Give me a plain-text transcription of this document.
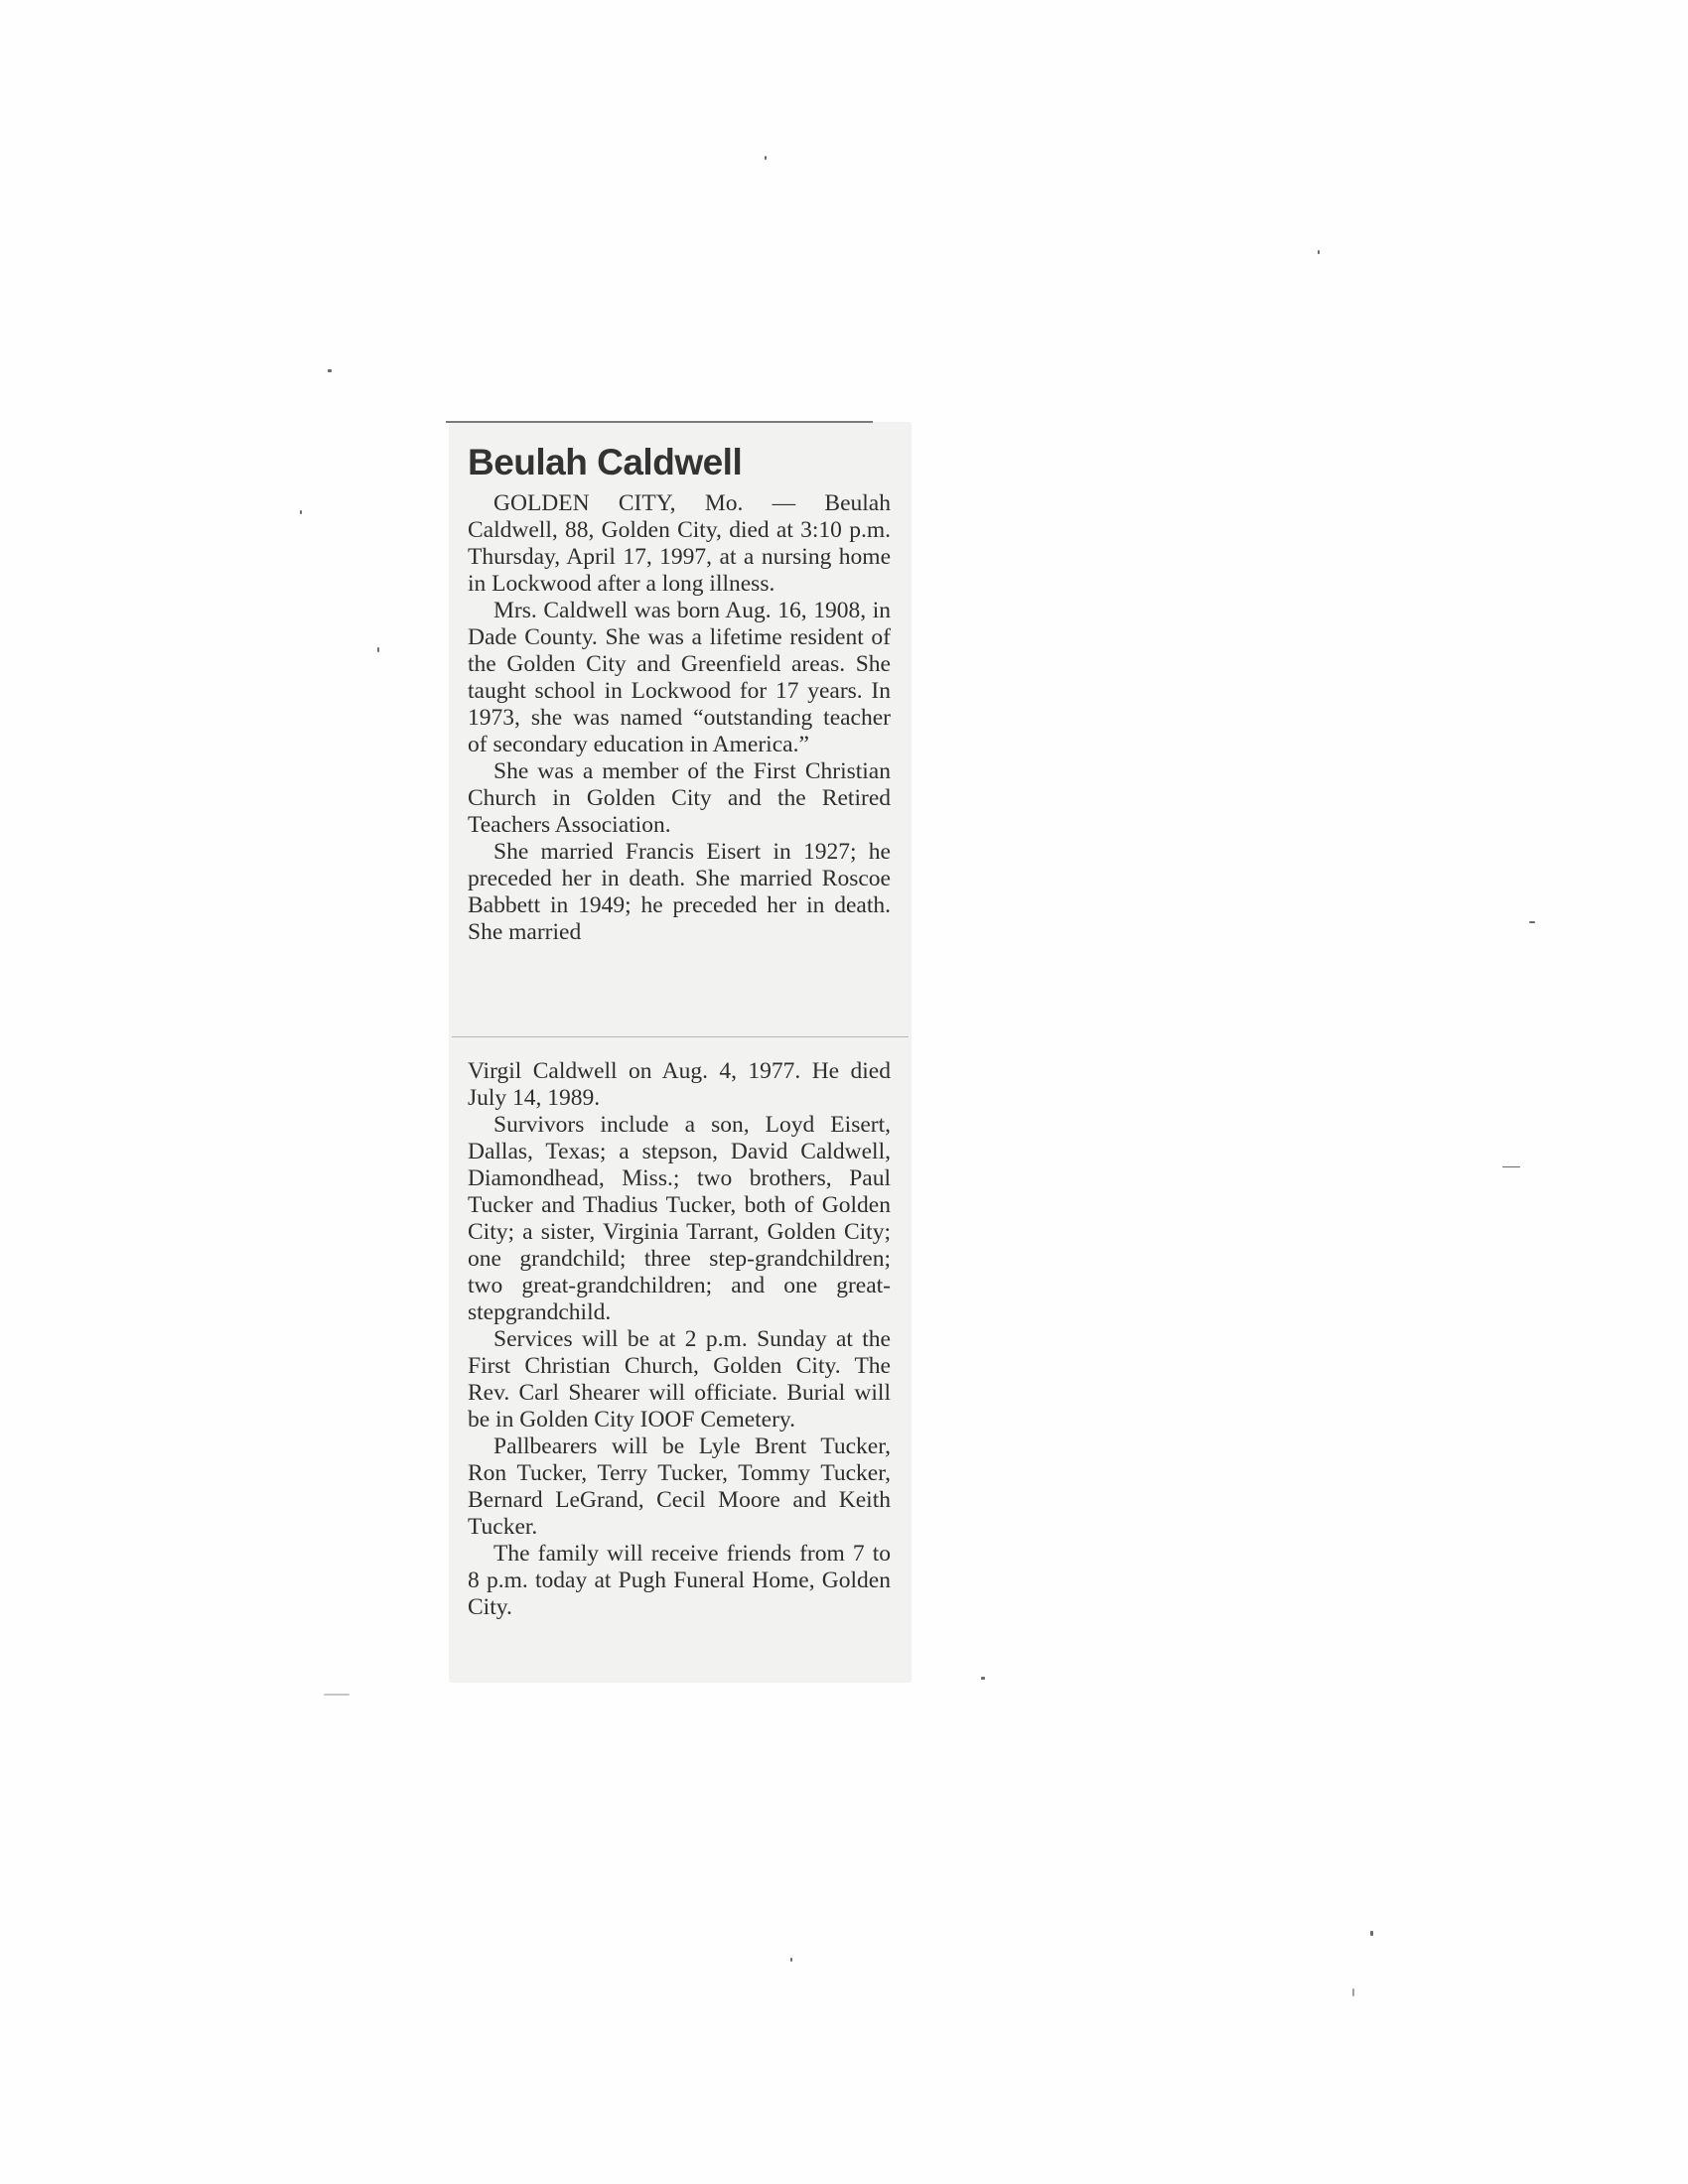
Beulah Caldwell

GOLDEN CITY, Mo. — Beulah Caldwell, 88, Golden City, died at 3:10 p.m. Thursday, April 17, 1997, at a nursing home in Lockwood after a long illness.

Mrs. Caldwell was born Aug. 16, 1908, in Dade County. She was a lifetime resident of the Golden City and Greenfield areas. She taught school in Lockwood for 17 years. In 1973, she was named “outstanding teacher of secondary education in America.”

She was a member of the First Christian Church in Golden City and the Retired Teachers Association.

She married Francis Eisert in 1927; he preceded her in death. She married Roscoe Babbett in 1949; he preceded her in death. She married

Virgil Caldwell on Aug. 4, 1977. He died July 14, 1989.

Survivors include a son, Loyd Eisert, Dallas, Texas; a stepson, David Caldwell, Diamondhead, Miss.; two brothers, Paul Tucker and Thadius Tucker, both of Golden City; a sister, Virginia Tarrant, Golden City; one grandchild; three step-grandchildren; two great-grandchildren; and one great-stepgrandchild.

Services will be at 2 p.m. Sunday at the First Christian Church, Golden City. The Rev. Carl Shearer will officiate. Burial will be in Golden City IOOF Cemetery.

Pallbearers will be Lyle Brent Tucker, Ron Tucker, Terry Tucker, Tommy Tucker, Bernard LeGrand, Cecil Moore and Keith Tucker.

The family will receive friends from 7 to 8 p.m. today at Pugh Funeral Home, Golden City.
